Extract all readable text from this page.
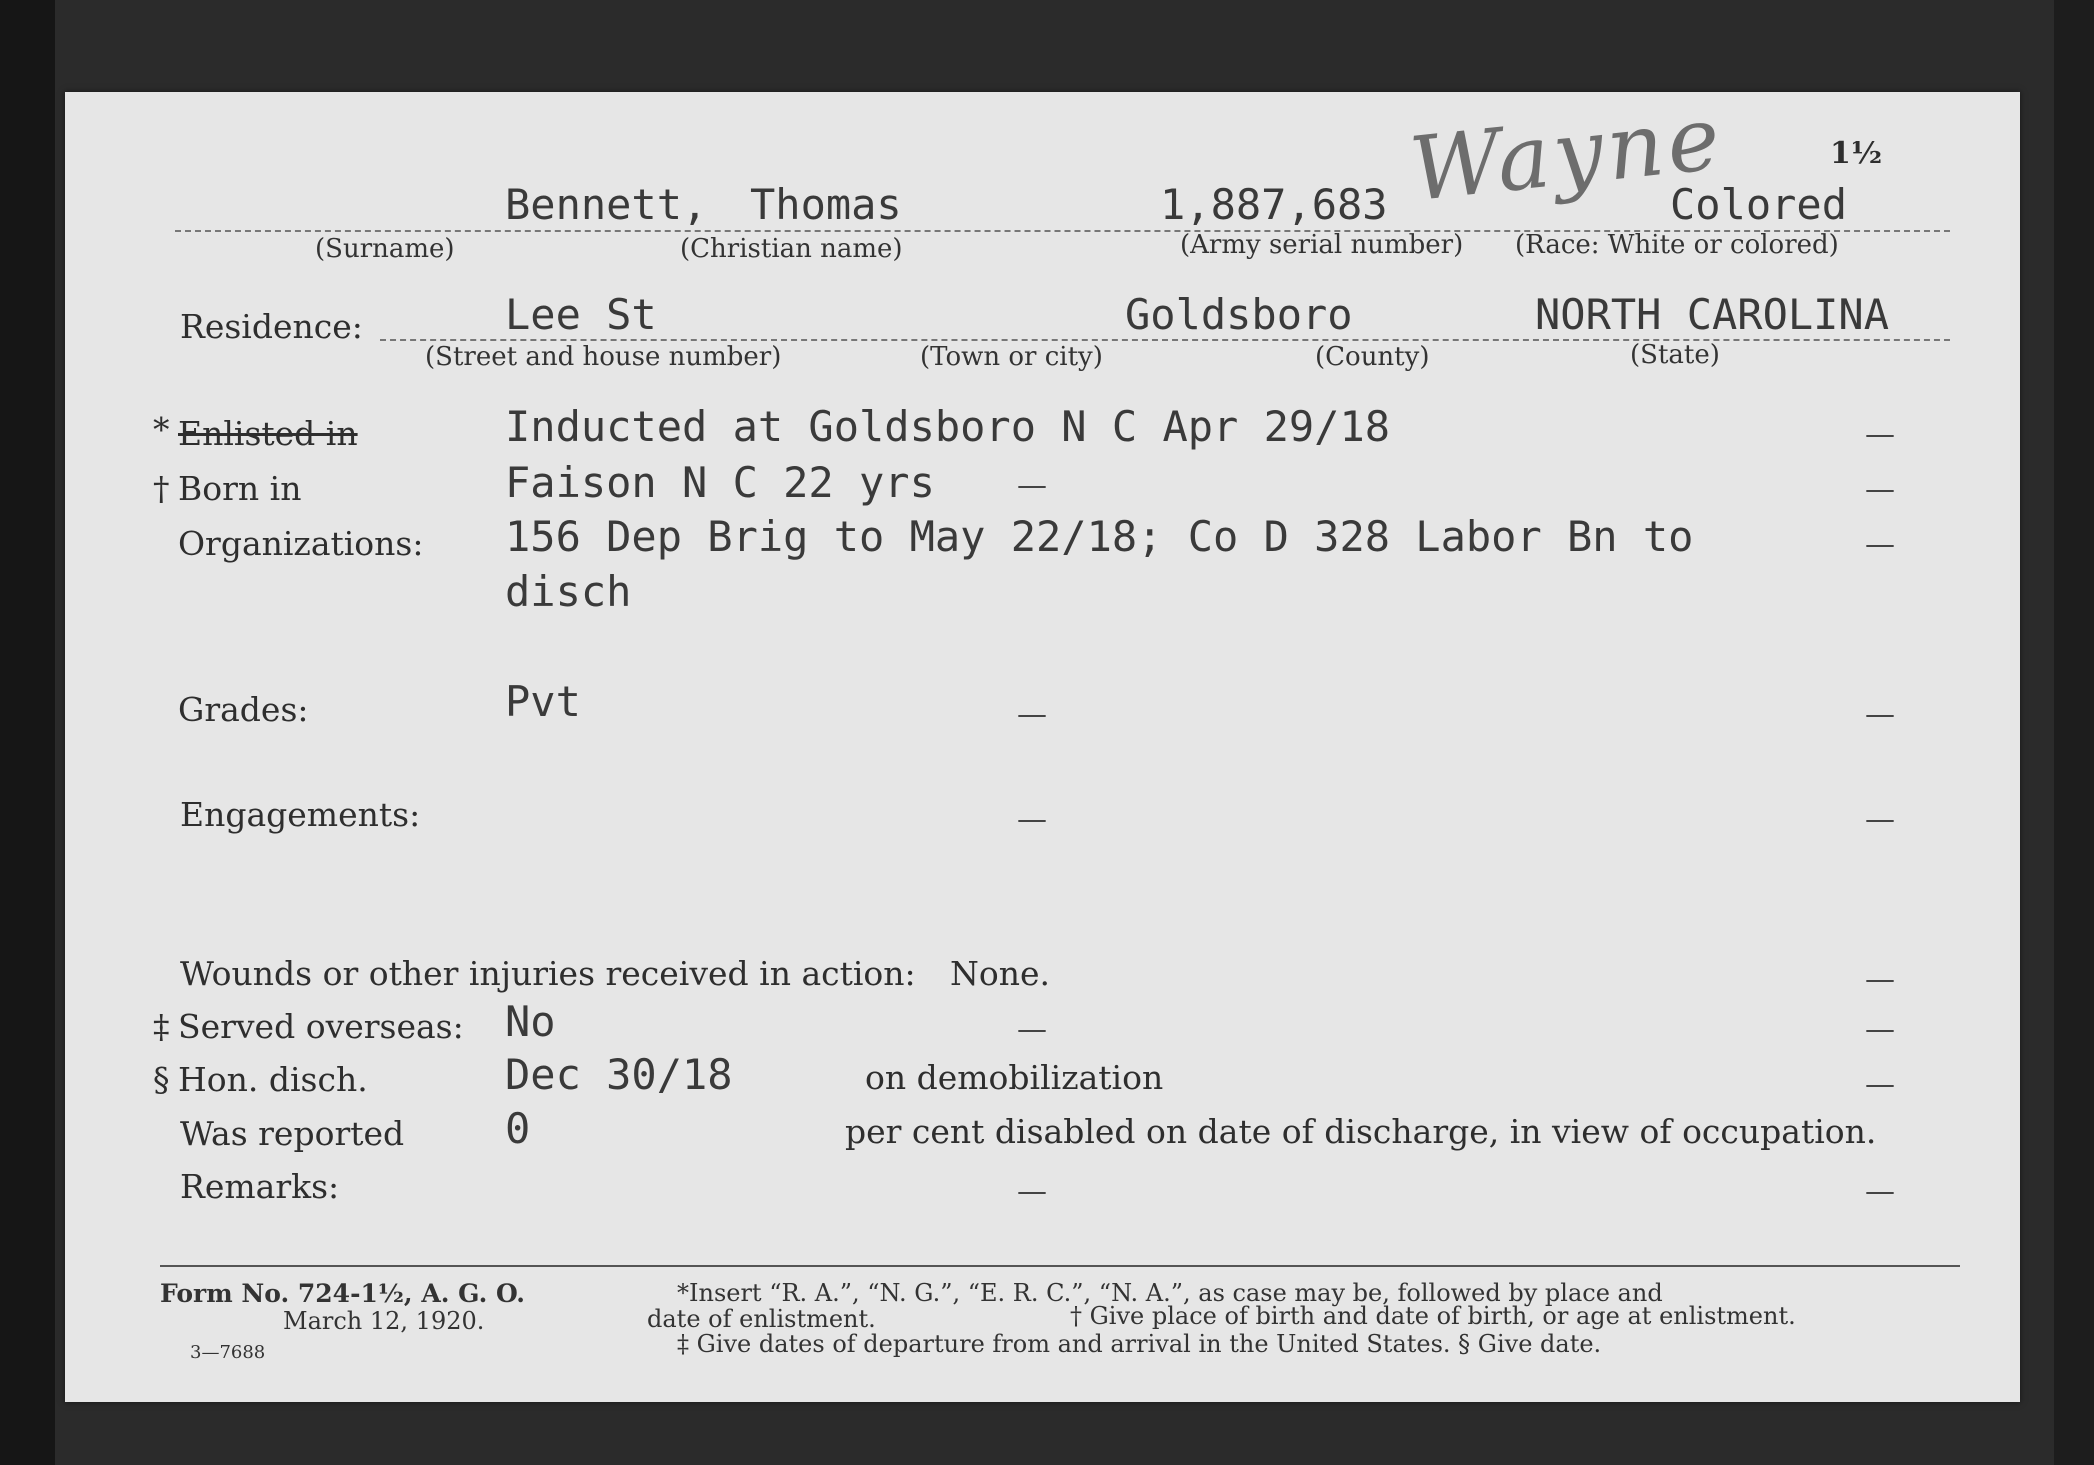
Wayne	1½
Bennett, Thomas	1,887,683	Colored
(Surname)	(Christian name)	(Army serial number) (Race: White or colored)
Residence:	Lee St	Goldsboro	NORTH CAROLINA
(Street and house number)	(Town or city)	(County)	(State)
* Enlisted in	Inducted at Goldsboro N C Apr 29/18	—
† Born in	Faison N C 22 yrs	—	—
Organizations: 156 Dep Brig to May 22/18; Co D 328 Labor Bn to
disch
—
Grades:	Pvt	—	—
Engagements:	—	—
Wounds or other injuries received in action: None.	—
‡ Served overseas: No	—	—
§ Hon. disch.	Dec 30/18	on demobilization	—
Was reported 0	per cent disabled on date of discharge, in view of occupation.
Remarks:	—	—
Form No. 724-1½, A. G. O.
March 12, 1920.
3—7688
*Insert “R. A.”, “N. G.”, “E. R. C.”, “N. A.”, as case may be, followed by place and
date of enlistment.	† Give place of birth and date of birth, or age at enlistment.
‡ Give dates of departure from and arrival in the United States. § Give date.
